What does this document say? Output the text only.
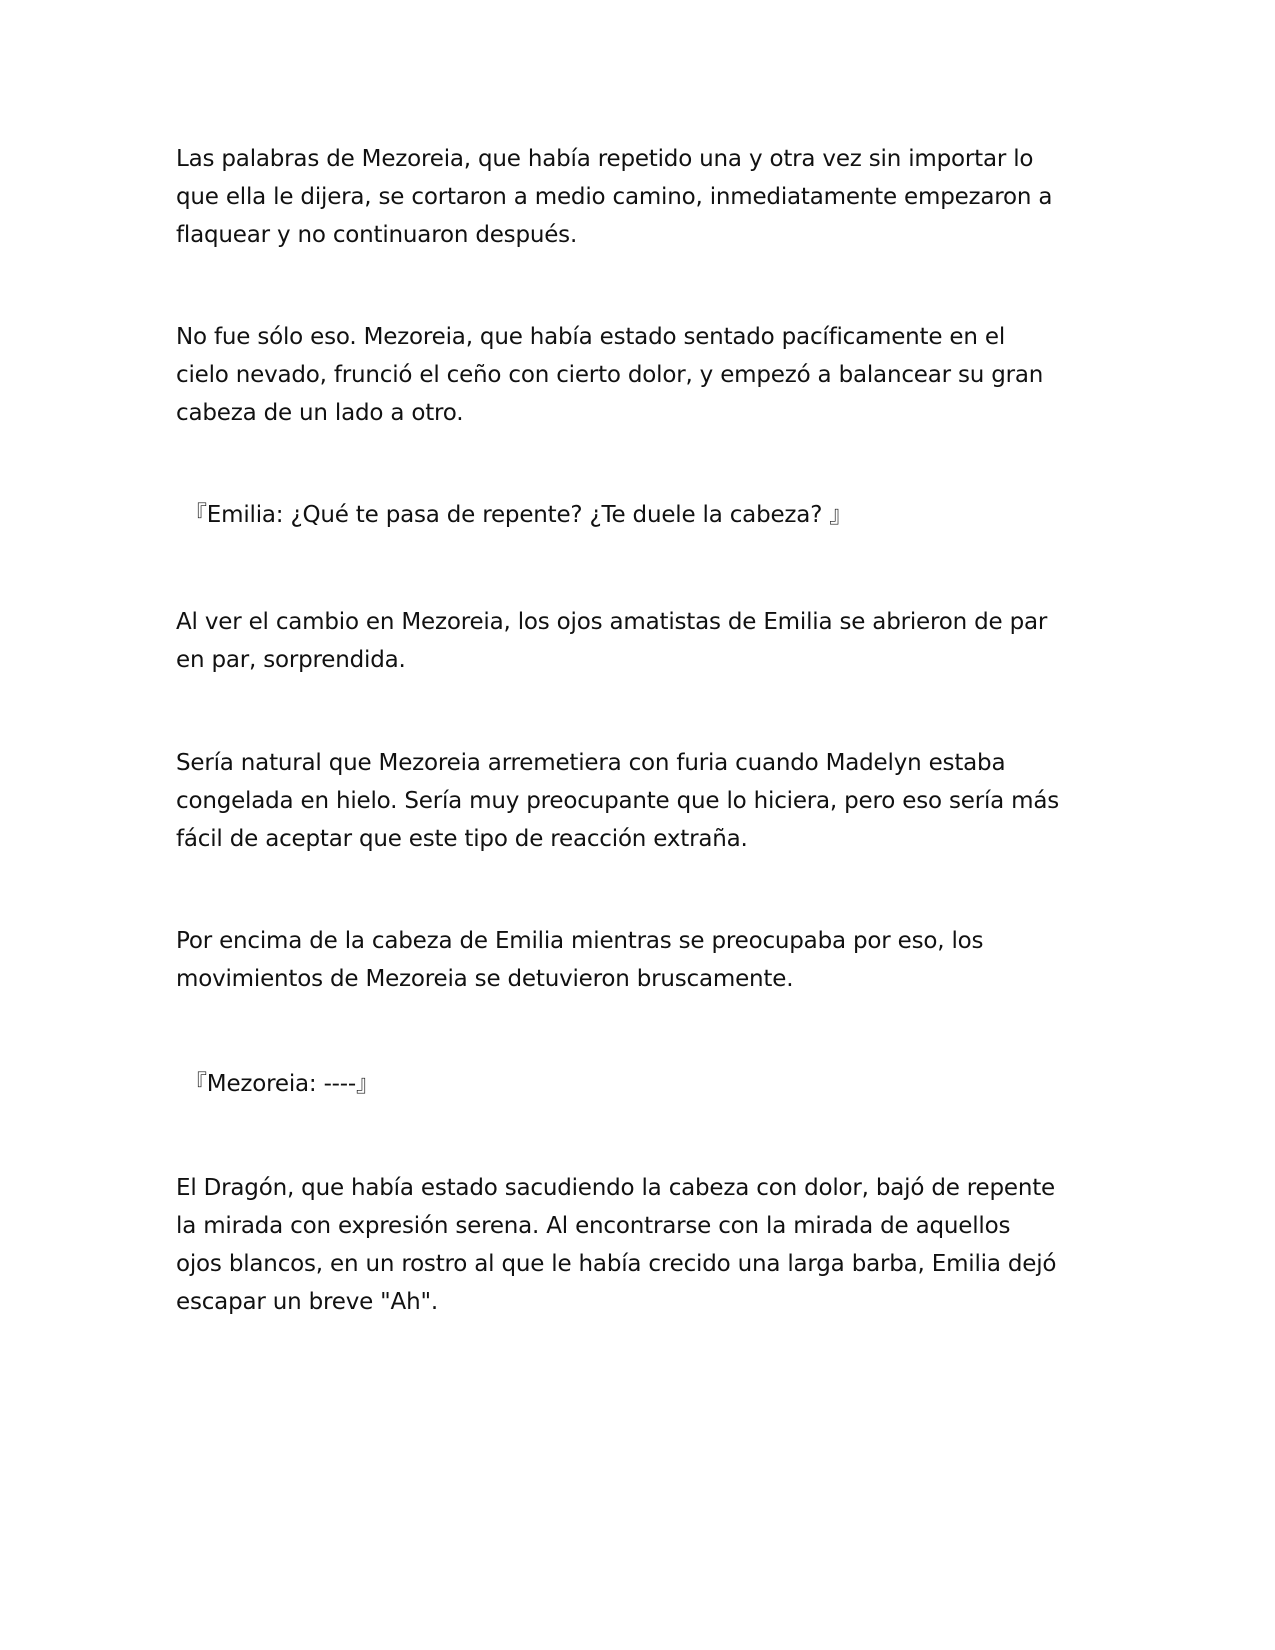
Las palabras de Mezoreia, que había repetido una y otra vez sin importar lo
que ella le dijera, se cortaron a medio camino, inmediatamente empezaron a
flaquear y no continuaron después.

No fue sólo eso. Mezoreia, que había estado sentado pacíficamente en el
cielo nevado, frunció el ceño con cierto dolor, y empezó a balancear su gran
cabeza de un lado a otro.

『Emilia: ¿Qué te pasa de repente? ¿Te duele la cabeza? 』

Al ver el cambio en Mezoreia, los ojos amatistas de Emilia se abrieron de par
en par, sorprendida.

Sería natural que Mezoreia arremetiera con furia cuando Madelyn estaba
congelada en hielo. Sería muy preocupante que lo hiciera, pero eso sería más
fácil de aceptar que este tipo de reacción extraña.

Por encima de la cabeza de Emilia mientras se preocupaba por eso, los
movimientos de Mezoreia se detuvieron bruscamente.

『Mezoreia: ----』

El Dragón, que había estado sacudiendo la cabeza con dolor, bajó de repente
la mirada con expresión serena. Al encontrarse con la mirada de aquellos
ojos blancos, en un rostro al que le había crecido una larga barba, Emilia dejó
escapar un breve "Ah".
